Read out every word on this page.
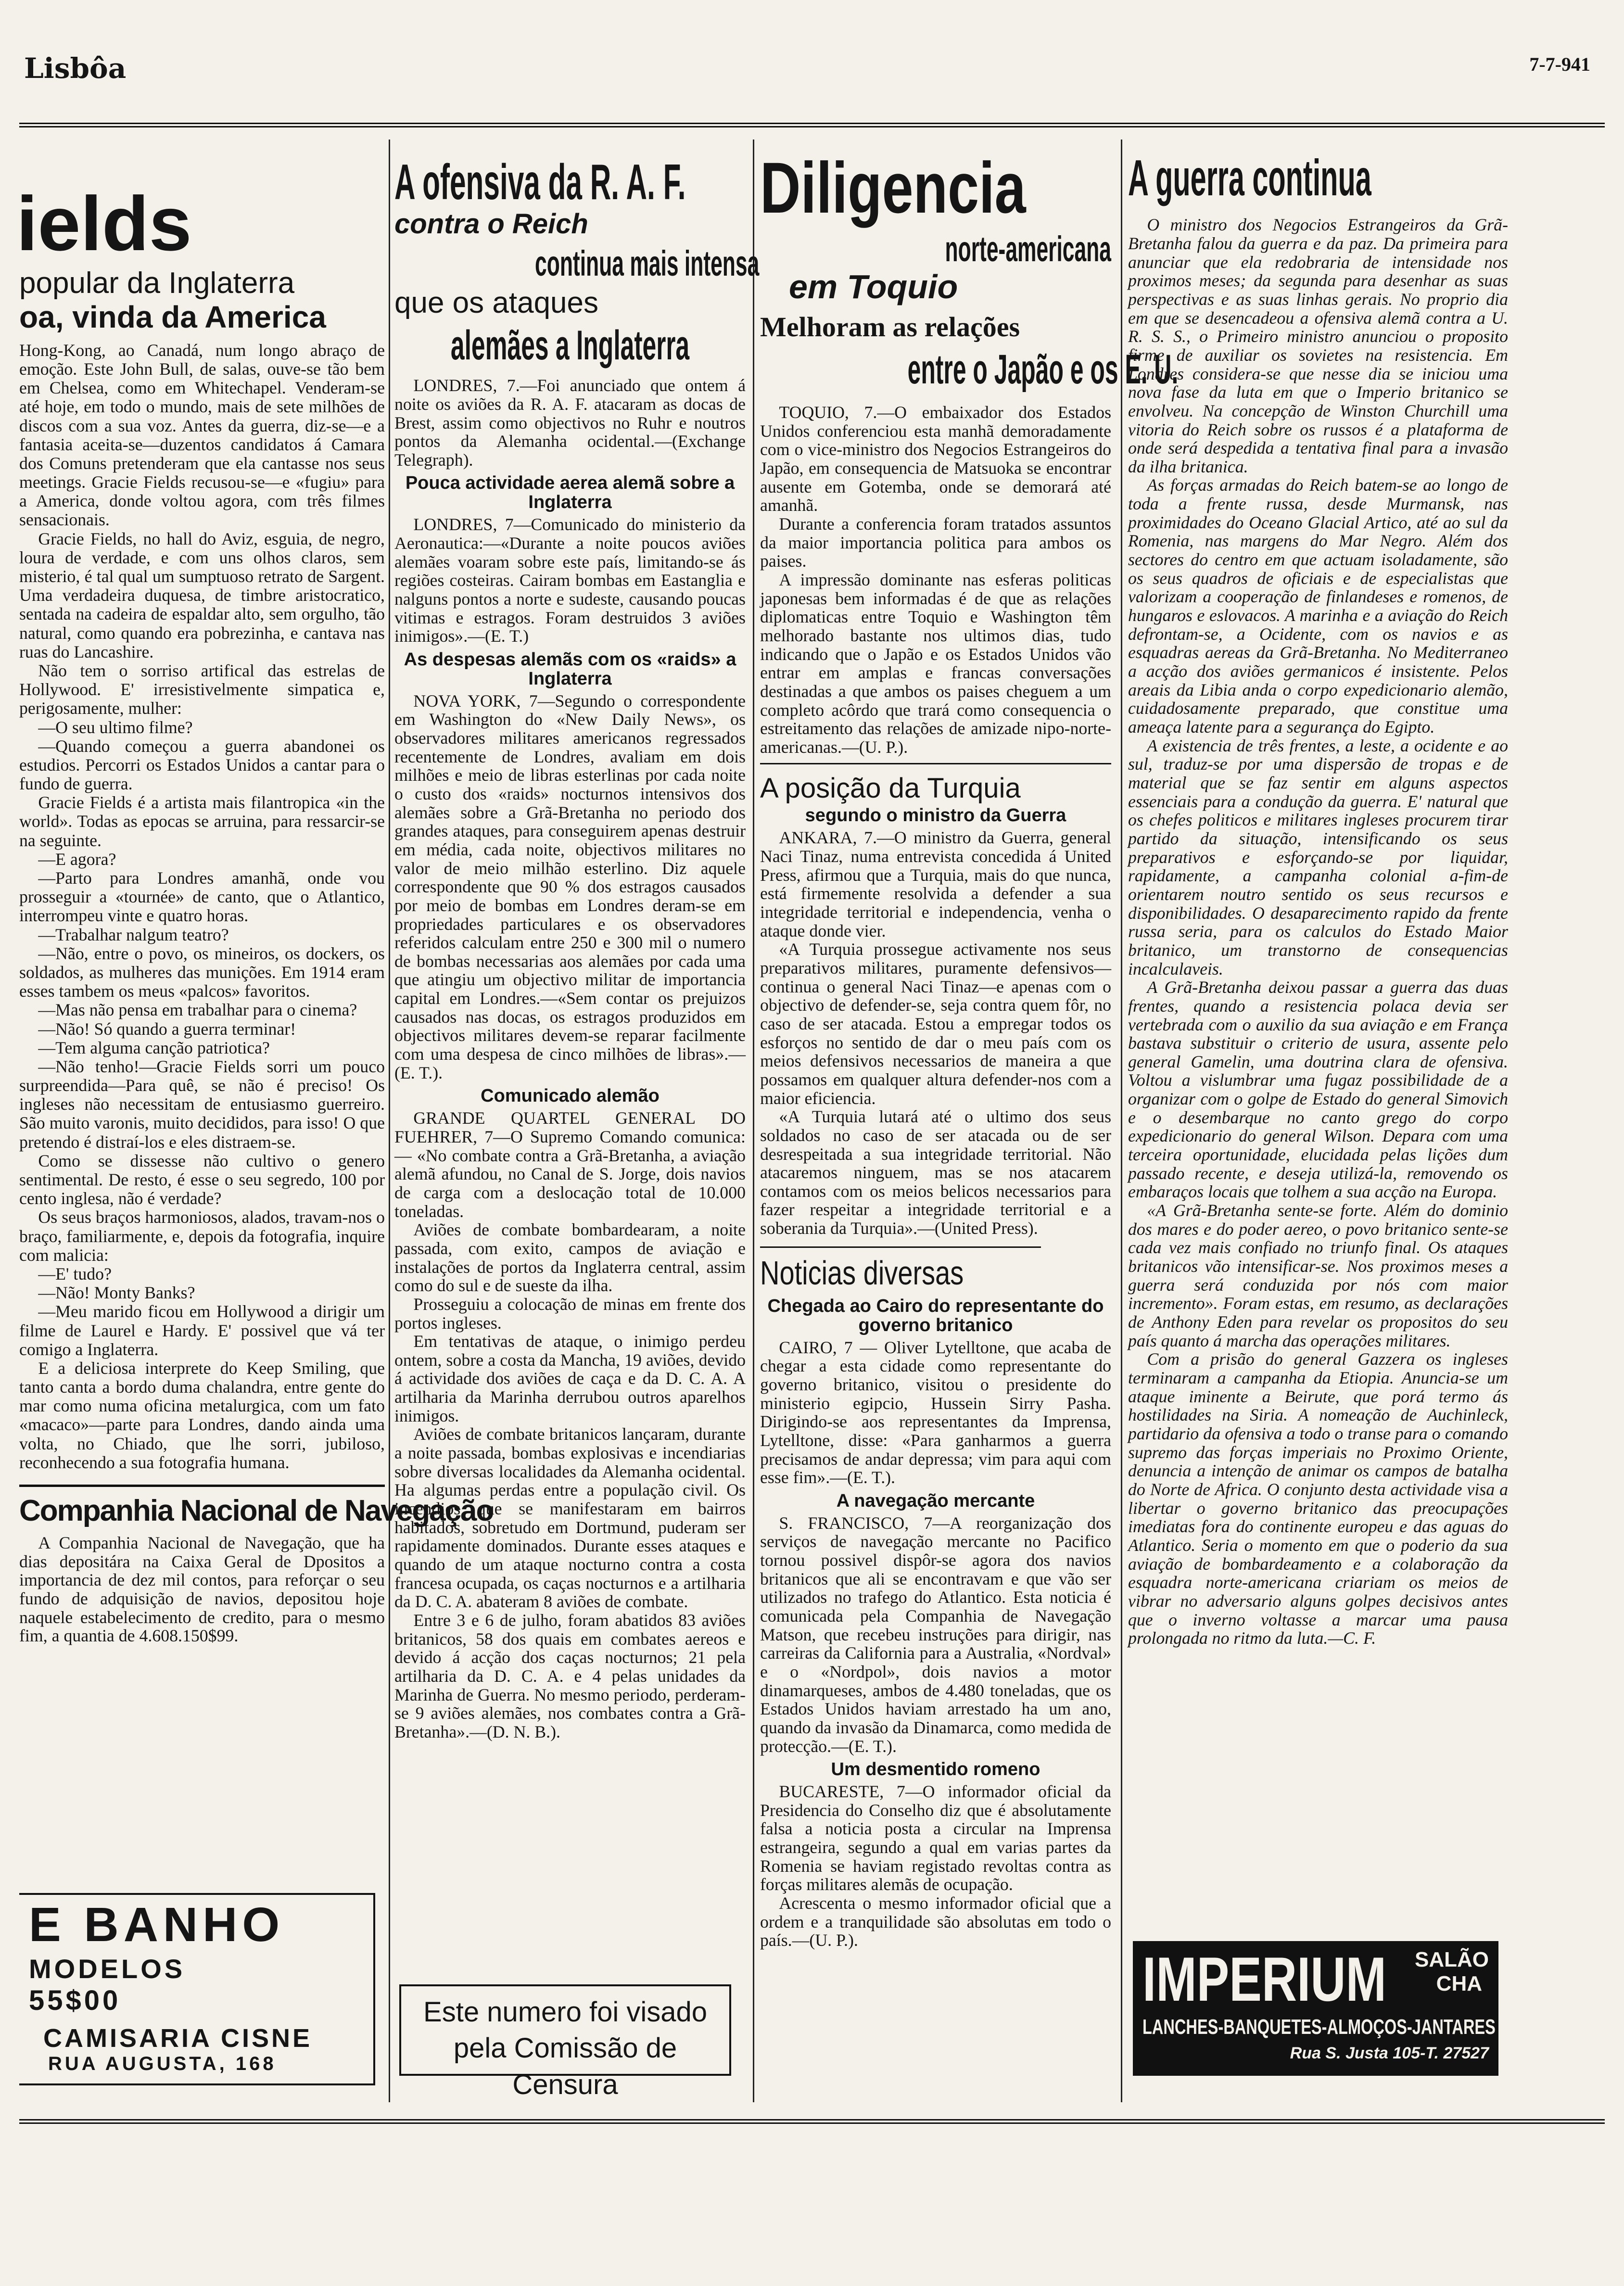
Lisbôa	7-7-941
ields
popular da Inglaterra
oa, vinda da America

Hong-Kong, ao Canadá, num longo abraço de emoção. Este John Bull, de salas, ouve-se tão bem em Chelsea, como em Whitechapel. Venderam-se até hoje, em todo o mundo, mais de sete milhões de discos com a sua voz. Antes da guerra, diz-se—e a fantasia aceita-se—duzentos candidatos á Camara dos Comuns pretenderam que ela cantasse nos seus meetings. Gracie Fields recusou-se—e «fugiu» para a America, donde voltou agora, com três filmes sensacionais.

Gracie Fields, no hall do Aviz, esguia, de negro, loura de verdade, e com uns olhos claros, sem misterio, é tal qual um sumptuoso retrato de Sargent. Uma verdadeira duquesa, de timbre aristocratico, sentada na cadeira de espaldar alto, sem orgulho, tão natural, como quando era pobrezinha, e cantava nas ruas do Lancashire.

Não tem o sorriso artifical das estrelas de Hollywood. E' irresistivelmente simpatica e, perigosamente, mulher:

—O seu ultimo filme?

—Quando começou a guerra abandonei os estudios. Percorri os Estados Unidos a cantar para o fundo de guerra.

Gracie Fields é a artista mais filantropica «in the world». Todas as epocas se arruina, para ressarcir-se na seguinte.

—E agora?

—Parto para Londres amanhã, onde vou prosseguir a «tournée» de canto, que o Atlantico, interrompeu vinte e quatro horas.

—Trabalhar nalgum teatro?

—Não, entre o povo, os mineiros, os dockers, os soldados, as mulheres das munições. Em 1914 eram esses tambem os meus «palcos» favoritos.

—Mas não pensa em trabalhar para o cinema?

—Não! Só quando a guerra terminar!

—Tem alguma canção patriotica?

—Não tenho!—Gracie Fields sorri um pouco surpreendida—Para quê, se não é preciso! Os ingleses não necessitam de entusiasmo guerreiro. São muito varonis, muito decididos, para isso! O que pretendo é distraí-los e eles distraem-se.

Como se dissesse não cultivo o genero sentimental. De resto, é esse o seu segredo, 100 por cento inglesa, não é verdade?

Os seus braços harmoniosos, alados, travam-nos o braço, familiarmente, e, depois da fotografia, inquire com malicia:

—E' tudo?

—Não! Monty Banks?

—Meu marido ficou em Hollywood a dirigir um filme de Laurel e Hardy. E' possivel que vá ter comigo a Inglaterra.

E a deliciosa interprete do Keep Smiling, que tanto canta a bordo duma chalandra, entre gente do mar como numa oficina metalurgica, com um fato «macaco»—parte para Londres, dando ainda uma volta, no Chiado, que lhe sorri, jubiloso, reconhecendo a sua fotografia humana.

Companhia Nacional de Navegação

A Companhia Nacional de Navegação, que ha dias depositára na Caixa Geral de Dpositos a importancia de dez mil contos, para reforçar o seu fundo de adquisição de navios, depositou hoje naquele estabelecimento de credito, para o mesmo fim, a quantia de 4.608.150$99.

E BANHO
MODELOS
55$00
CAMISARIA CISNE
RUA AUGUSTA, 168
A ofensiva da R. A. F.
contra o Reich
continua mais intensa
que os ataques
alemães a Inglaterra

LONDRES, 7.—Foi anunciado que ontem á noite os aviões da R. A. F. atacaram as docas de Brest, assim como objectivos no Ruhr e noutros pontos da Alemanha ocidental.—(Exchange Telegraph).

Pouca actividade aerea alemã sobre a Inglaterra

LONDRES, 7—Comunicado do ministerio da Aeronautica:—«Durante a noite poucos aviões alemães voaram sobre este país, limitando-se ás regiões costeiras. Cairam bombas em Eastanglia e nalguns pontos a norte e sudeste, causando poucas vitimas e estragos. Foram destruidos 3 aviões inimigos».—(E. T.)

As despesas alemãs com os «raids» a Inglaterra

NOVA YORK, 7—Segundo o correspondente em Washington do «New Daily News», os observadores militares americanos regressados recentemente de Londres, avaliam em dois milhões e meio de libras esterlinas por cada noite o custo dos «raids» nocturnos intensivos dos alemães sobre a Grã-Bretanha no periodo dos grandes ataques, para conseguirem apenas destruir em média, cada noite, objectivos militares no valor de meio milhão esterlino. Diz aquele correspondente que 90 % dos estragos causados por meio de bombas em Londres deram-se em propriedades particulares e os observadores referidos calculam entre 250 e 300 mil o numero de bombas necessarias aos alemães por cada uma que atingiu um objectivo militar de importancia capital em Londres.—«Sem contar os prejuizos causados nas docas, os estragos produzidos em objectivos militares devem-se reparar facilmente com uma despesa de cinco milhões de libras».—(E. T.).

Comunicado alemão

GRANDE QUARTEL GENERAL DO FUEHRER, 7—O Supremo Comando comunica: — «No combate contra a Grã-Bretanha, a aviação alemã afundou, no Canal de S. Jorge, dois navios de carga com a deslocação total de 10.000 toneladas.

Aviões de combate bombardearam, a noite passada, com exito, campos de aviação e instalações de portos da Inglaterra central, assim como do sul e de sueste da ilha.

Prosseguiu a colocação de minas em frente dos portos ingleses.

Em tentativas de ataque, o inimigo perdeu ontem, sobre a costa da Mancha, 19 aviões, devido á actividade dos aviões de caça e da D. C. A. A artilharia da Marinha derrubou outros aparelhos inimigos.

Aviões de combate britanicos lançaram, durante a noite passada, bombas explosivas e incendiarias sobre diversas localidades da Alemanha ocidental. Ha algumas perdas entre a população civil. Os incendios que se manifestaram em bairros habitados, sobretudo em Dortmund, puderam ser rapidamente dominados. Durante esses ataques e quando de um ataque nocturno contra a costa francesa ocupada, os caças nocturnos e a artilharia da D. C. A. abateram 8 aviões de combate.

Entre 3 e 6 de julho, foram abatidos 83 aviões britanicos, 58 dos quais em combates aereos e devido á acção dos caças nocturnos; 21 pela artilharia da D. C. A. e 4 pelas unidades da Marinha de Guerra. No mesmo periodo, perderam-se 9 aviões alemães, nos combates contra a Grã-Bretanha».—(D. N. B.).

Este numero foi visado
pela Comissão de Censura
Diligencia
norte-americana
em Toquio
Melhoram as relações
entre o Japão e os E. U.

TOQUIO, 7.—O embaixador dos Estados Unidos conferenciou esta manhã demoradamente com o vice-ministro dos Negocios Estrangeiros do Japão, em consequencia de Matsuoka se encontrar ausente em Gotemba, onde se demorará até amanhã.

Durante a conferencia foram tratados assuntos da maior importancia politica para ambos os paises.

A impressão dominante nas esferas politicas japonesas bem informadas é de que as relações diplomaticas entre Toquio e Washington têm melhorado bastante nos ultimos dias, tudo indicando que o Japão e os Estados Unidos vão entrar em amplas e francas conversações destinadas a que ambos os paises cheguem a um completo acôrdo que trará como consequencia o estreitamento das relações de amizade nipo-norte-americanas.—(U. P.).

A posição da Turquia
segundo o ministro da Guerra

ANKARA, 7.—O ministro da Guerra, general Naci Tinaz, numa entrevista concedida á United Press, afirmou que a Turquia, mais do que nunca, está firmemente resolvida a defender a sua integridade territorial e independencia, venha o ataque donde vier.

«A Turquia prossegue activamente nos seus preparativos militares, puramente defensivos—continua o general Naci Tinaz—e apenas com o objectivo de defender-se, seja contra quem fôr, no caso de ser atacada. Estou a empregar todos os esforços no sentido de dar o meu país com os meios defensivos necessarios de maneira a que possamos em qualquer altura defender-nos com a maior eficiencia.

«A Turquia lutará até o ultimo dos seus soldados no caso de ser atacada ou de ser desrespeitada a sua integridade territorial. Não atacaremos ninguem, mas se nos atacarem contamos com os meios belicos necessarios para fazer respeitar a integridade territorial e a soberania da Turquia».—(United Press).

Noticias diversas
Chegada ao Cairo do representante do governo britanico

CAIRO, 7 — Oliver Lytelltone, que acaba de chegar a esta cidade como representante do governo britanico, visitou o presidente do ministerio egipcio, Hussein Sirry Pasha. Dirigindo-se aos representantes da Imprensa, Lytelltone, disse: «Para ganharmos a guerra precisamos de andar depressa; vim para aqui com esse fim».—(E. T.).

A navegação mercante

S. FRANCISCO, 7—A reorganização dos serviços de navegação mercante no Pacifico tornou possivel dispôr-se agora dos navios britanicos que ali se encontravam e que vão ser utilizados no trafego do Atlantico. Esta noticia é comunicada pela Companhia de Navegação Matson, que recebeu instruções para dirigir, nas carreiras da California para a Australia, «Nordval» e o «Nordpol», dois navios a motor dinamarqueses, ambos de 4.480 toneladas, que os Estados Unidos haviam arrestado ha um ano, quando da invasão da Dinamarca, como medida de protecção.—(E. T.).

Um desmentido romeno

BUCARESTE, 7—O informador oficial da Presidencia do Conselho diz que é absolutamente falsa a noticia posta a circular na Imprensa estrangeira, segundo a qual em varias partes da Romenia se haviam registado revoltas contra as forças militares alemãs de ocupação.

Acrescenta o mesmo informador oficial que a ordem e a tranquilidade são absolutas em todo o país.—(U. P.).

A guerra continua

O ministro dos Negocios Estrangeiros da Grã-Bretanha falou da guerra e da paz. Da primeira para anunciar que ela redobraria de intensidade nos proximos meses; da segunda para desenhar as suas perspectivas e as suas linhas gerais. No proprio dia em que se desencadeou a ofensiva alemã contra a U. R. S. S., o Primeiro ministro anunciou o proposito firme de auxiliar os sovietes na resistencia. Em Londres considera-se que nesse dia se iniciou uma nova fase da luta em que o Imperio britanico se envolveu. Na concepção de Winston Churchill uma vitoria do Reich sobre os russos é a plataforma de onde será despedida a tentativa final para a invasão da ilha britanica.

As forças armadas do Reich batem-se ao longo de toda a frente russa, desde Murmansk, nas proximidades do Oceano Glacial Artico, até ao sul da Romenia, nas margens do Mar Negro. Além dos sectores do centro em que actuam isoladamente, são os seus quadros de oficiais e de especialistas que valorizam a cooperação de finlandeses e romenos, de hungaros e eslovacos. A marinha e a aviação do Reich defrontam-se, a Ocidente, com os navios e as esquadras aereas da Grã-Bretanha. No Mediterraneo a acção dos aviões germanicos é insistente. Pelos areais da Libia anda o corpo expedicionario alemão, cuidadosamente preparado, que constitue uma ameaça latente para a segurança do Egipto.

A existencia de três frentes, a leste, a ocidente e ao sul, traduz-se por uma dispersão de tropas e de material que se faz sentir em alguns aspectos essenciais para a condução da guerra. E' natural que os chefes politicos e militares ingleses procurem tirar partido da situação, intensificando os seus preparativos e esforçando-se por liquidar, rapidamente, a campanha colonial a-fim-de orientarem noutro sentido os seus recursos e disponibilidades. O desaparecimento rapido da frente russa seria, para os calculos do Estado Maior britanico, um transtorno de consequencias incalculaveis.

A Grã-Bretanha deixou passar a guerra das duas frentes, quando a resistencia polaca devia ser vertebrada com o auxilio da sua aviação e em França bastava substituir o criterio de usura, assente pelo general Gamelin, uma doutrina clara de ofensiva. Voltou a vislumbrar uma fugaz possibilidade de a organizar com o golpe de Estado do general Simovich e o desembarque no canto grego do corpo expedicionario do general Wilson. Depara com uma terceira oportunidade, elucidada pelas lições dum passado recente, e deseja utilizá-la, removendo os embaraços locais que tolhem a sua acção na Europa.

«A Grã-Bretanha sente-se forte. Além do dominio dos mares e do poder aereo, o povo britanico sente-se cada vez mais confiado no triunfo final. Os ataques britanicos vão intensificar-se. Nos proximos meses a guerra será conduzida por nós com maior incremento». Foram estas, em resumo, as declarações de Anthony Eden para revelar os propositos do seu país quanto á marcha das operações militares.

Com a prisão do general Gazzera os ingleses terminaram a campanha da Etiopia. Anuncia-se um ataque iminente a Beirute, que porá termo ás hostilidades na Siria. A nomeação de Auchinleck, partidario da ofensiva a todo o transe para o comando supremo das forças imperiais no Proximo Oriente, denuncia a intenção de animar os campos de batalha do Norte de Africa. O conjunto desta actividade visa a libertar o governo britanico das preocupações imediatas fora do continente europeu e das aguas do Atlantico. Seria o momento em que o poderio da sua aviação de bombardeamento e a colaboração da esquadra norte-americana criariam os meios de vibrar no adversario alguns golpes decisivos antes que o inverno voltasse a marcar uma pausa prolongada no ritmo da luta.—C. F.

IMPERIUM SALÃO
CHA
LANCHES-BANQUETES-ALMOÇOS-JANTARES
Rua S. Justa 105-T. 27527
